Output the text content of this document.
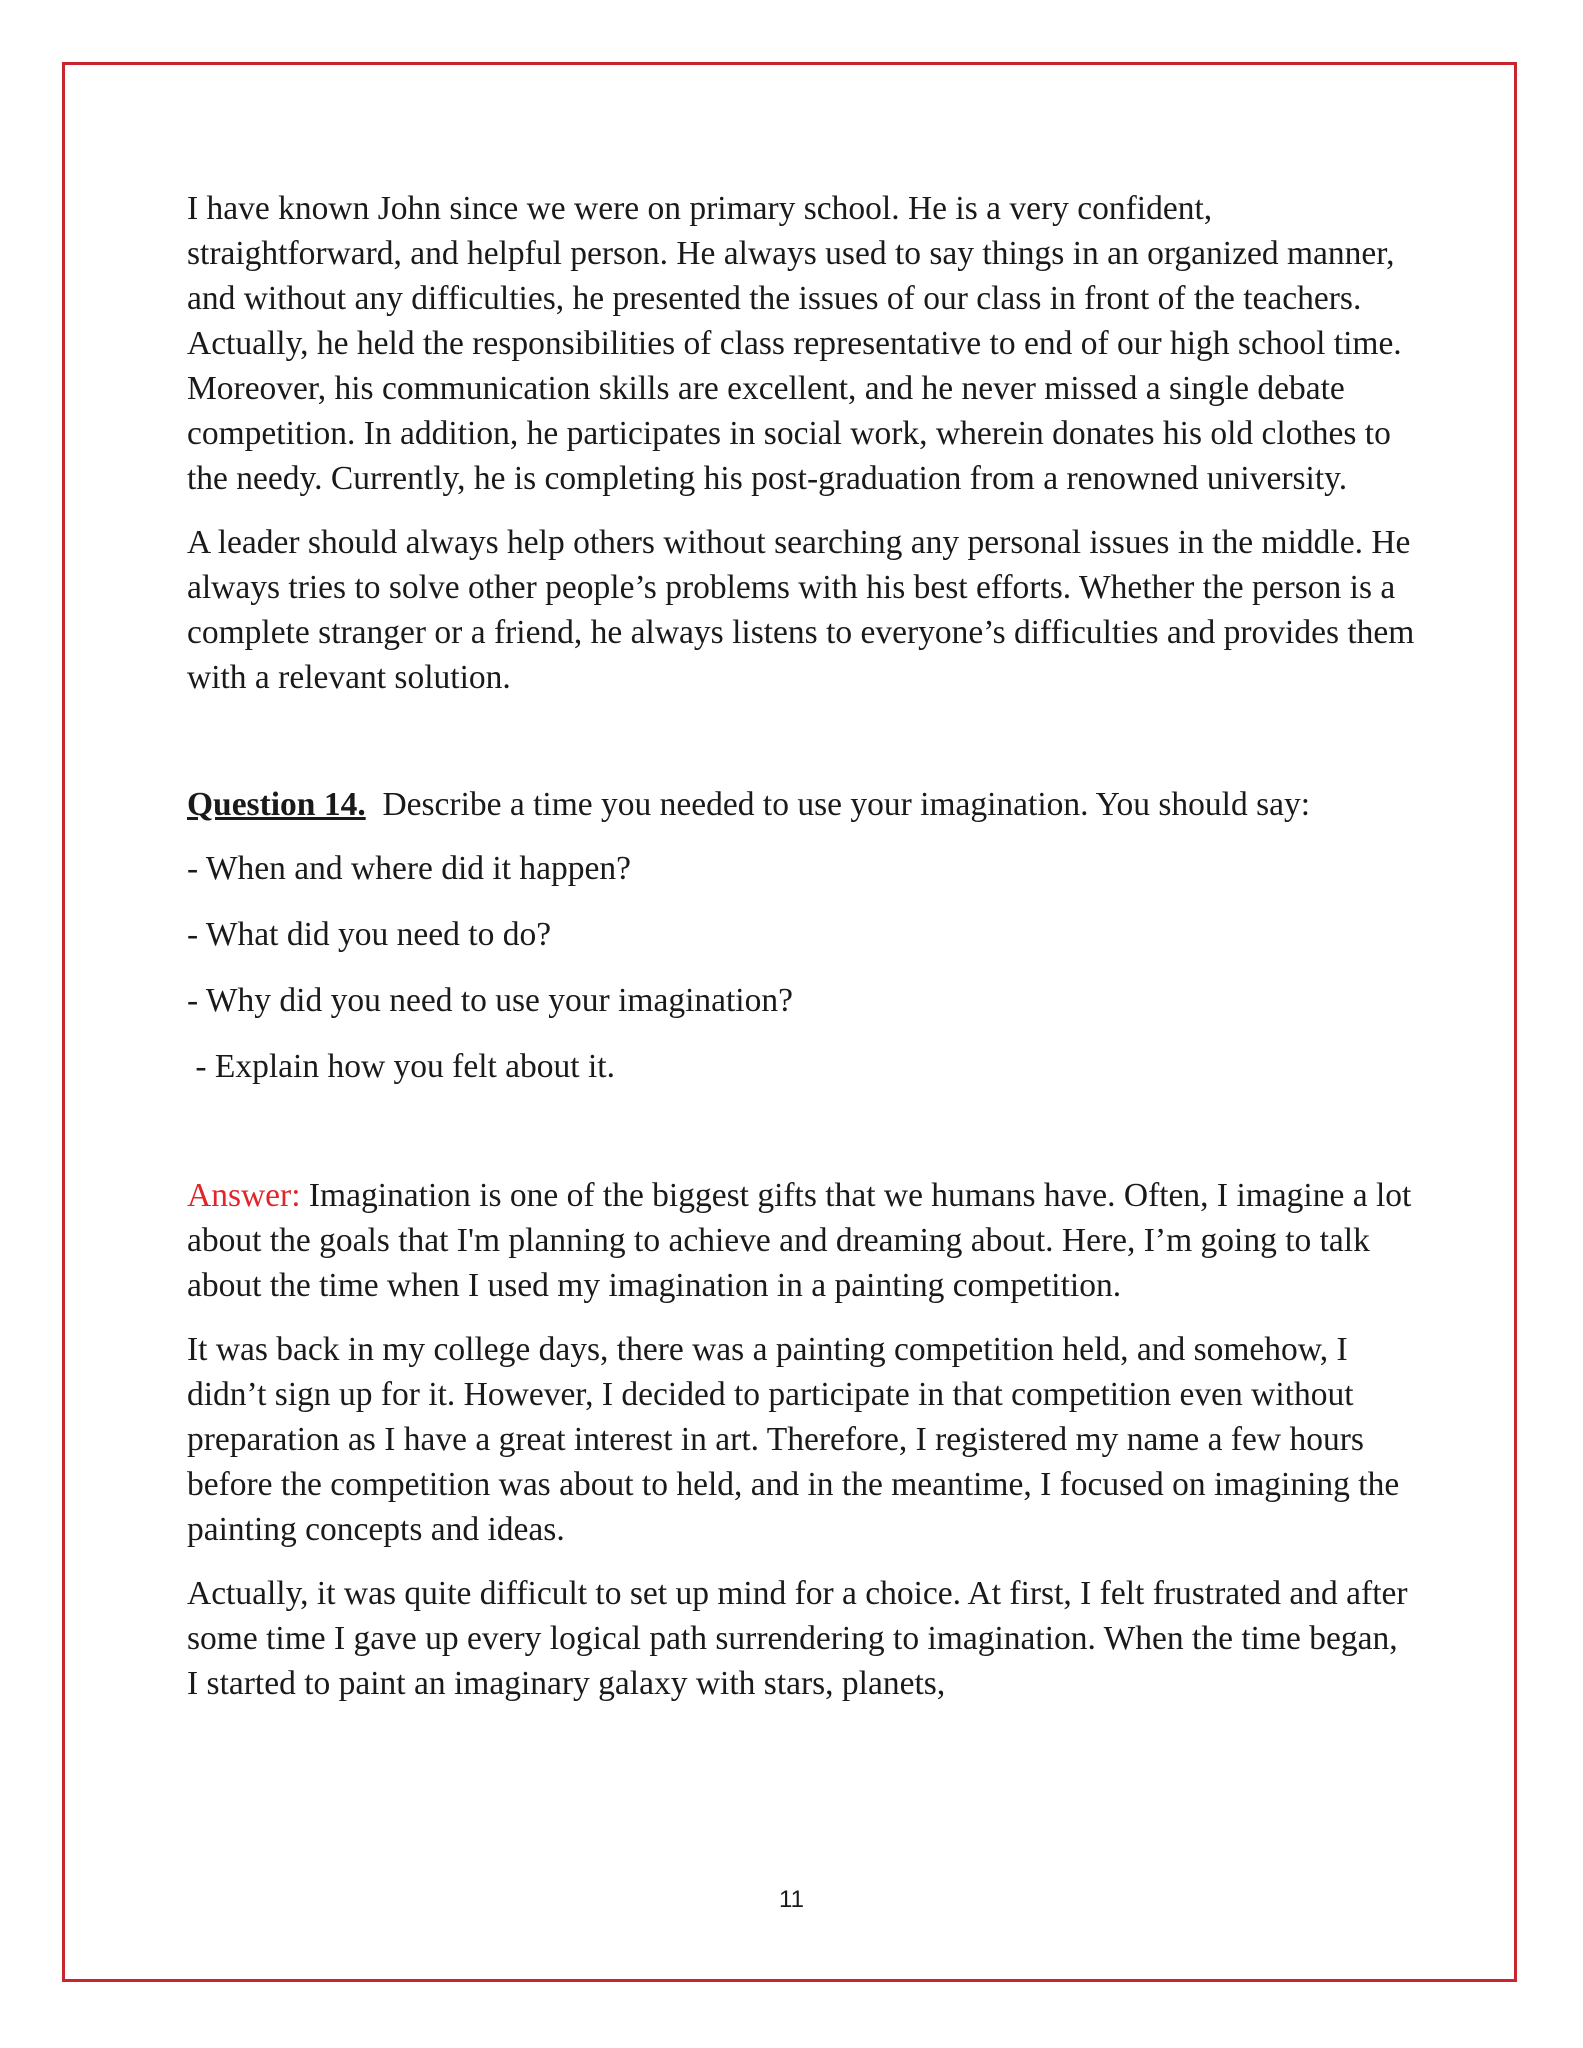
I have known John since we were on primary school. He is a very confident, straightforward, and helpful person. He always used to say things in an organized manner, and without any difficulties, he presented the issues of our class in front of the teachers. Actually, he held the responsibilities of class representative to end of our high school time. Moreover, his communication skills are excellent, and he never missed a single debate competition. In addition, he participates in social work, wherein donates his old clothes to the needy. Currently, he is completing his post-graduation from a renowned university.

A leader should always help others without searching any personal issues in the middle. He always tries to solve other people’s problems with his best efforts. Whether the person is a complete stranger or a friend, he always listens to everyone’s difficulties and provides them with a relevant solution.

Question 14.  Describe a time you needed to use your imagination. You should say:

- When and where did it happen?

- What did you need to do?

- Why did you need to use your imagination?

- Explain how you felt about it.

Answer: Imagination is one of the biggest gifts that we humans have. Often, I imagine a lot about the goals that I'm planning to achieve and dreaming about. Here, I’m going to talk about the time when I used my imagination in a painting competition.

It was back in my college days, there was a painting competition held, and somehow, I didn’t sign up for it. However, I decided to participate in that competition even without preparation as I have a great interest in art. Therefore, I registered my name a few hours before the competition was about to held, and in the meantime, I focused on imagining the painting concepts and ideas.

Actually, it was quite difficult to set up mind for a choice. At first, I felt frustrated and after some time I gave up every logical path surrendering to imagination. When the time began, I started to paint an imaginary galaxy with stars, planets,

11
